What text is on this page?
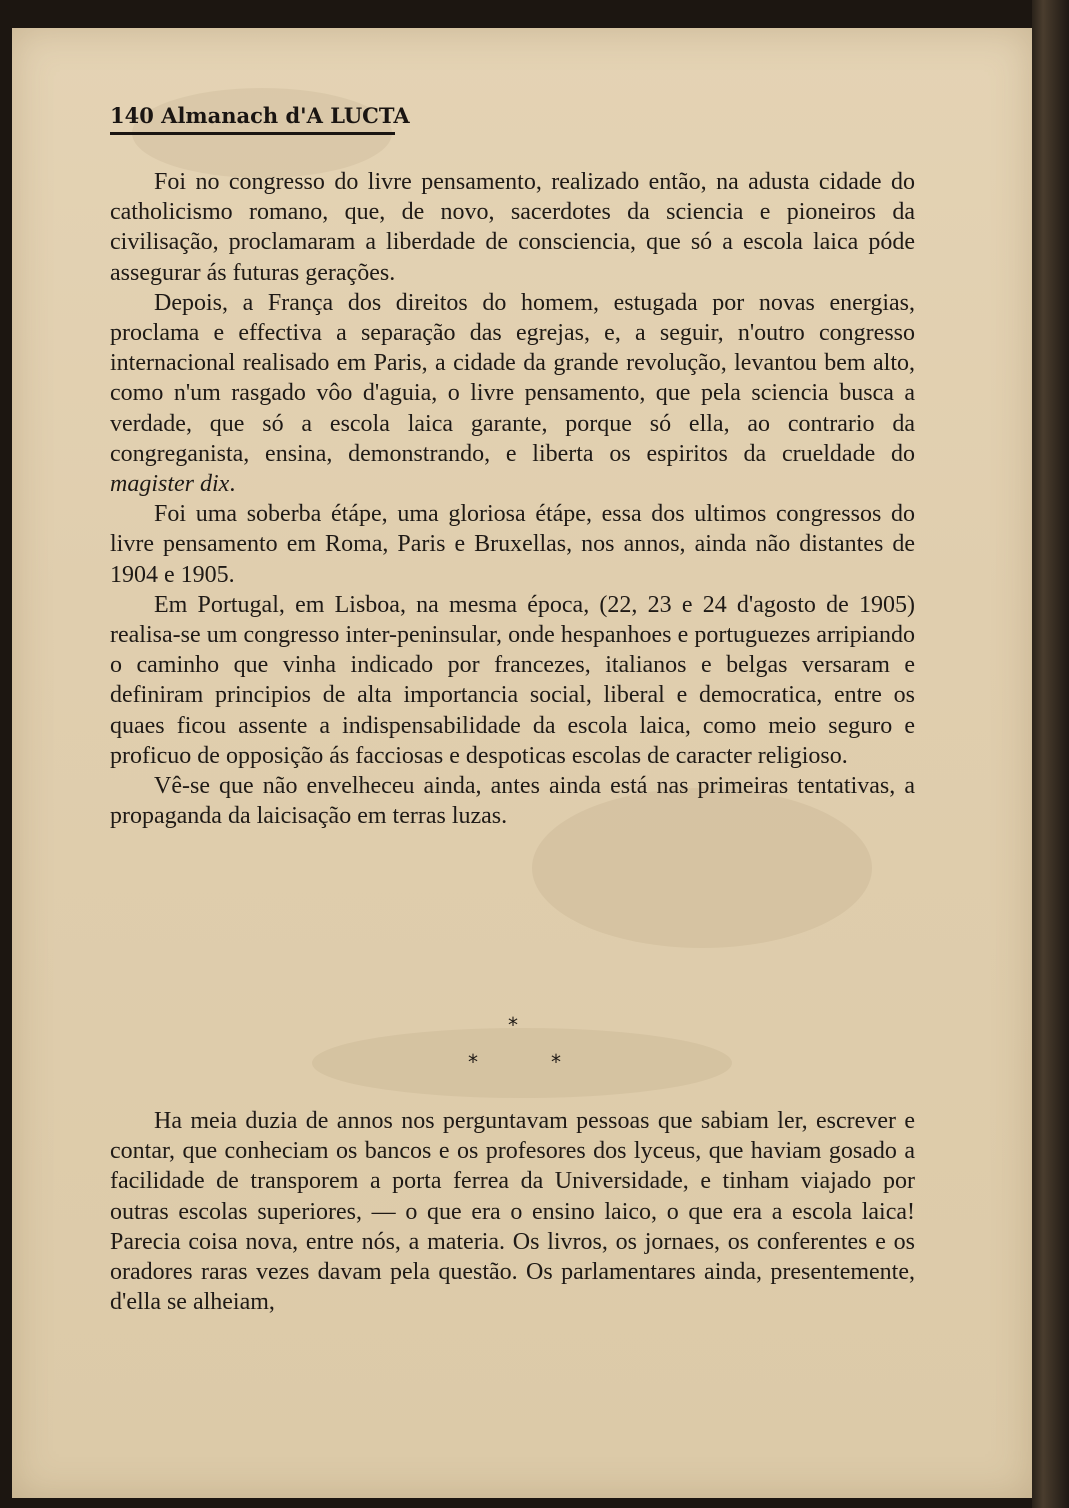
140 Almanach d'A LUCTA

Foi no congresso do livre pensamento, realizado então, na adusta cidade do catholicismo romano, que, de novo, sacerdotes da sciencia e pioneiros da civilisação, proclamaram a liberdade de consciencia, que só a escola laica póde assegurar ás futuras gerações.

Depois, a França dos direitos do homem, estugada por novas energias, proclama e effectiva a separação das egrejas, e, a seguir, n'outro congresso internacional realisado em Paris, a cidade da grande revolução, levantou bem alto, como n'um rasgado vôo d'aguia, o livre pensamento, que pela sciencia busca a verdade, que só a escola laica garante, porque só ella, ao contrario da congreganista, ensina, demonstrando, e liberta os espiritos da crueldade do magister dix.

Foi uma soberba étápe, uma gloriosa étápe, essa dos ultimos congressos do livre pensamento em Roma, Paris e Bruxellas, nos annos, ainda não distantes de 1904 e 1905.

Em Portugal, em Lisboa, na mesma época, (22, 23 e 24 d'agosto de 1905) realisa-se um congresso inter-peninsular, onde hespanhoes e portuguezes arripiando o caminho que vinha indicado por francezes, italianos e belgas versaram e definiram principios de alta importancia social, liberal e democratica, entre os quaes ficou assente a indispensabilidade da escola laica, como meio seguro e proficuo de opposição ás facciosas e despoticas escolas de caracter religioso.

Vê-se que não envelheceu ainda, antes ainda está nas primeiras tentativas, a propaganda da laicisação em terras luzas.

*
*	*

Ha meia duzia de annos nos perguntavam pessoas que sabiam ler, escrever e contar, que conheciam os bancos e os profesores dos lyceus, que haviam gosado a facilidade de transporem a porta ferrea da Universidade, e tinham viajado por outras escolas superiores, — o que era o ensino laico, o que era a escola laica! Parecia coisa nova, entre nós, a materia. Os livros, os jornaes, os conferentes e os oradores raras vezes davam pela questão. Os parlamentares ainda, presentemente, d'ella se alheiam,
